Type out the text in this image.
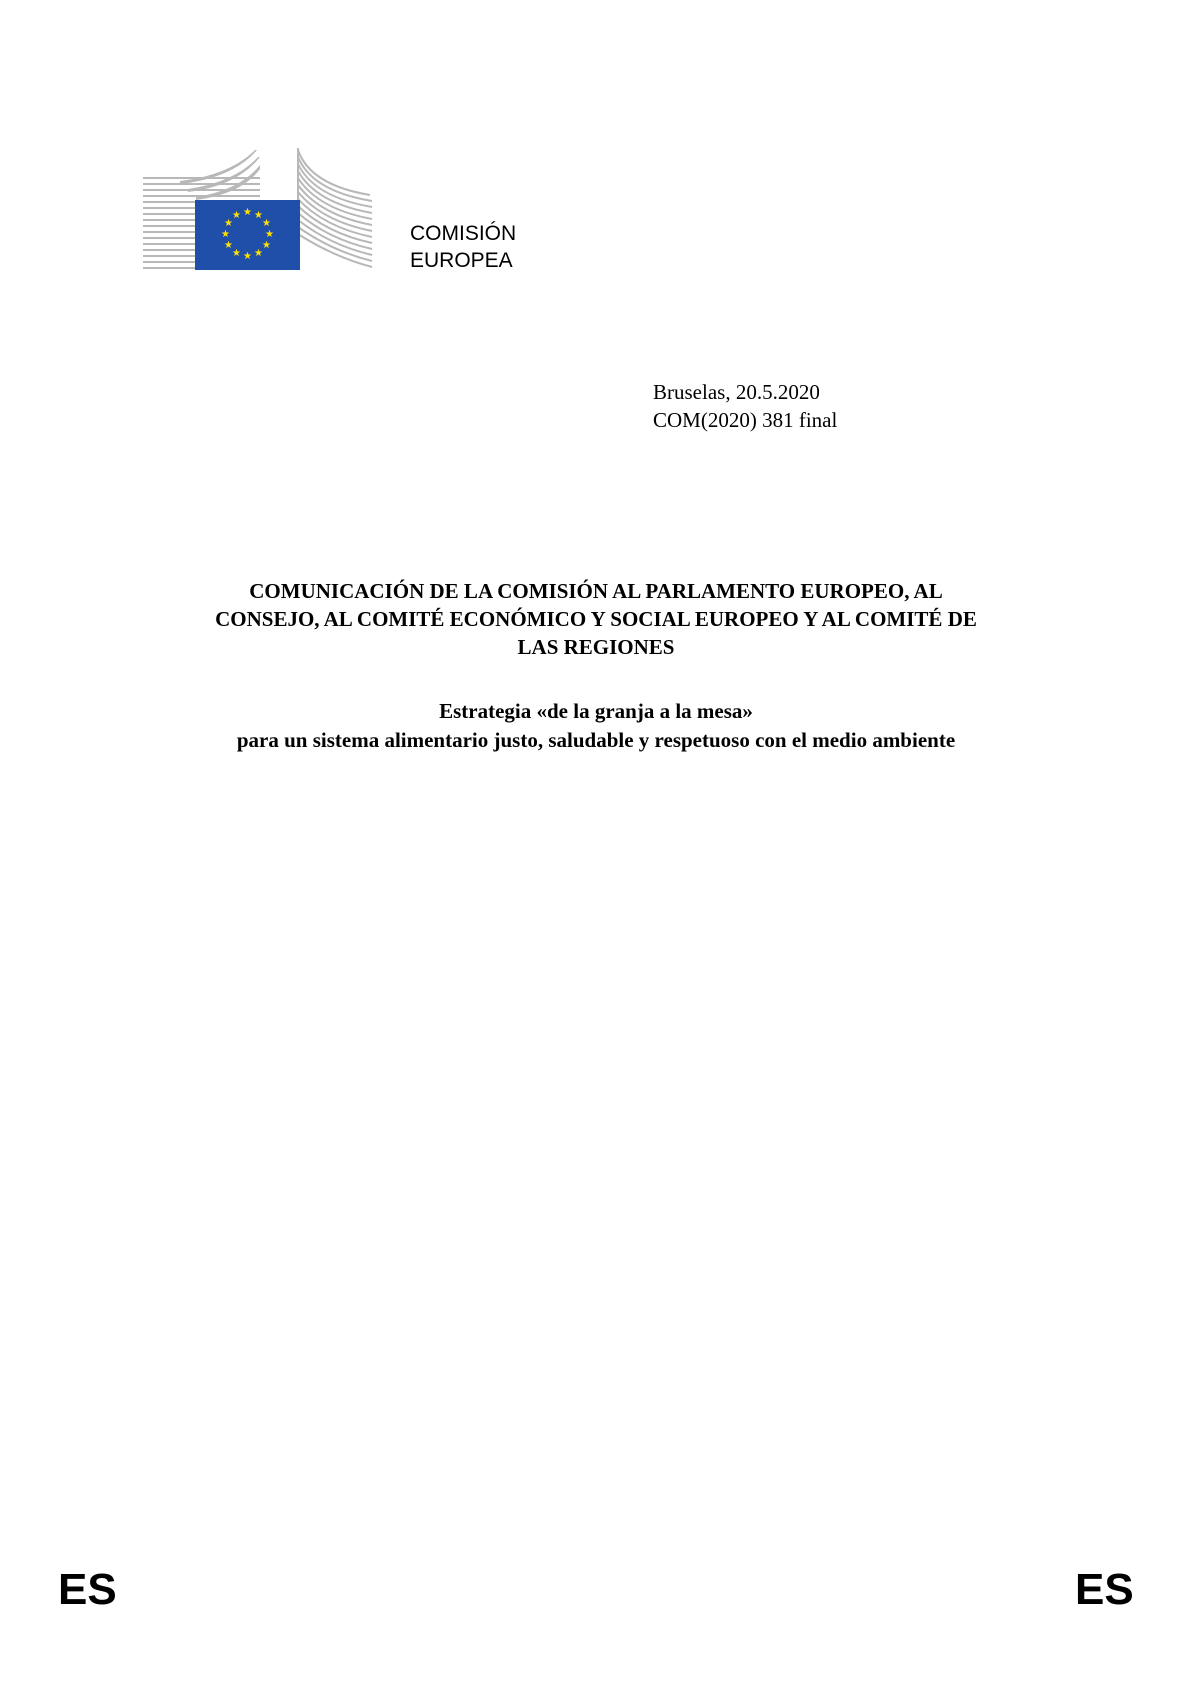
★ ★
★
★
★
★
★
★
★
★
★
★
COMISIÓN
EUROPEA
Bruselas, 20.5.2020
COM(2020) 381 final
COMUNICACIÓN DE LA COMISIÓN AL PARLAMENTO EUROPEO, AL
CONSEJO, AL COMITÉ ECONÓMICO Y SOCIAL EUROPEO Y AL COMITÉ DE
LAS REGIONES
Estrategia «de la granja a la mesa»
para un sistema alimentario justo, saludable y respetuoso con el medio ambiente
ES	ES
